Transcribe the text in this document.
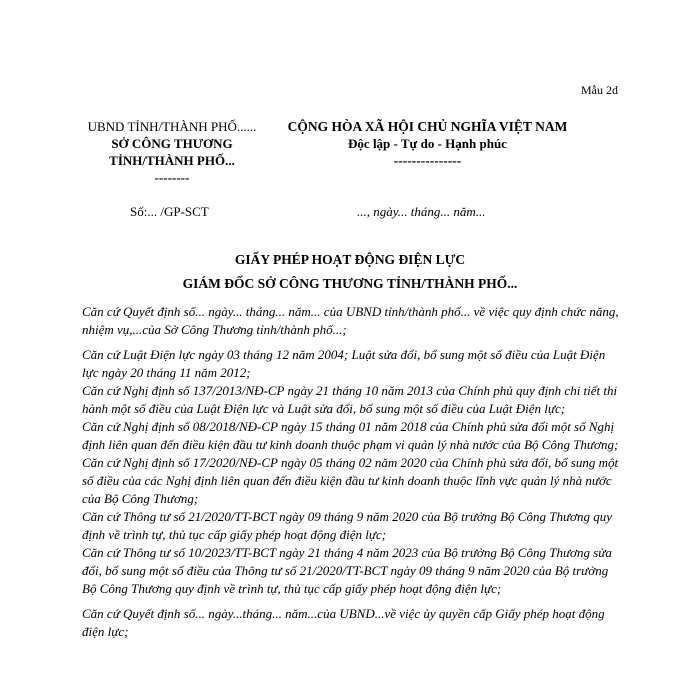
Mẫu 2d
UBND TỈNH/THÀNH PHỐ......
SỞ CÔNG THƯƠNG
TỈNH/THÀNH PHỐ...
--------
CỘNG HÒA XÃ HỘI CHỦ NGHĨA VIỆT NAM
Độc lập - Tự do - Hạnh phúc
---------------
Số:... /GP-SCT	..., ngày... tháng... năm...
GIẤY PHÉP HOẠT ĐỘNG ĐIỆN LỰC
GIÁM ĐỐC SỞ CÔNG THƯƠNG TỈNH/THÀNH PHỐ...

Căn cứ Quyết định số... ngày... tháng... năm... của UBND tỉnh/thành phố... về việc quy định chức năng, nhiệm vụ,...của Sở Công Thương tỉnh/thành phố...;

Căn cứ Luật Điện lực ngày 03 tháng 12 năm 2004; Luật sửa đổi, bổ sung một số điều của Luật Điện lực ngày 20 tháng 11 năm 2012;

Căn cứ Nghị định số 137/2013/NĐ-CP ngày 21 tháng 10 năm 2013 của Chính phủ quy định chi tiết thi hành một số điều của Luật Điện lực và Luật sửa đổi, bổ sung một số điều của Luật Điện lực;

Căn cứ Nghị định số 08/2018/NĐ-CP ngày 15 tháng 01 năm 2018 của Chính phủ sửa đổi một số Nghị định liên quan đến điều kiện đầu tư kinh doanh thuộc phạm vi quản lý nhà nước của Bộ Công Thương;

Căn cứ Nghị định số 17/2020/NĐ-CP ngày 05 tháng 02 năm 2020 của Chính phủ sửa đổi, bổ sung một số điều của các Nghị định liên quan đến điều kiện đầu tư kinh doanh thuộc lĩnh vực quản lý nhà nước của Bộ Công Thương;

Căn cứ Thông tư số 21/2020/TT-BCT ngày 09 tháng 9 năm 2020 của Bộ trưởng Bộ Công Thương quy định về trình tự, thủ tục cấp giấy phép hoạt động điện lực;

Căn cứ Thông tư số 10/2023/TT-BCT ngày 21 tháng 4 năm 2023 của Bộ trưởng Bộ Công Thương sửa đổi, bổ sung một số điều của Thông tư số 21/2020/TT-BCT ngày 09 tháng 9 năm 2020 của Bộ trưởng Bộ Công Thương quy định về trình tự, thủ tục cấp giấy phép hoạt động điện lực;

Căn cứ Quyết định số... ngày...tháng... năm...của UBND...về việc ủy quyền cấp Giấy phép hoạt động điện lực;
